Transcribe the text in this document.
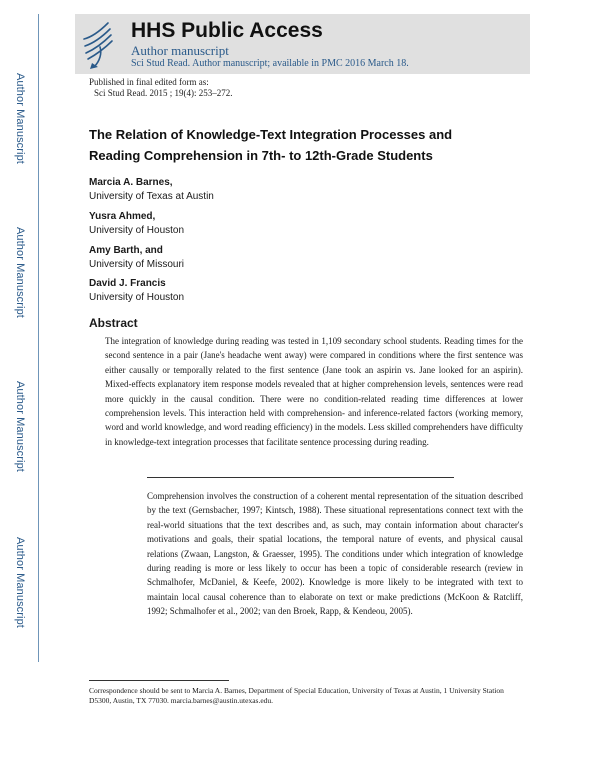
Author Manuscript
Author Manuscript
Author Manuscript
Author Manuscript
HHS Public Access
Author manuscript
Sci Stud Read. Author manuscript; available in PMC 2016 March 18.
Published in final edited form as:
Sci Stud Read. 2015 ; 19(4): 253–272.
The Relation of Knowledge-Text Integration Processes and Reading Comprehension in 7th- to 12th-Grade Students
Marcia A. Barnes,
University of Texas at Austin
Yusra Ahmed,
University of Houston
Amy Barth, and
University of Missouri
David J. Francis
University of Houston
Abstract

The integration of knowledge during reading was tested in 1,109 secondary school students. Reading times for the second sentence in a pair (Jane's headache went away) were compared in conditions where the first sentence was either causally or temporally related to the first sentence (Jane took an aspirin vs. Jane looked for an aspirin). Mixed-effects explanatory item response models revealed that at higher comprehension levels, sentences were read more quickly in the causal condition. There were no condition-related reading time differences at lower comprehension levels. This interaction held with comprehension- and inference-related factors (working memory, word and world knowledge, and word reading efficiency) in the models. Less skilled comprehenders have difficulty in knowledge-text integration processes that facilitate sentence processing during reading.

Comprehension involves the construction of a coherent mental representation of the situation described by the text (Gernsbacher, 1997; Kintsch, 1988). These situational representations connect text with the real-world situations that the text describes and, as such, may contain information about character's motivations and goals, their spatial locations, the temporal nature of events, and physical causal relations (Zwaan, Langston, & Graesser, 1995). The conditions under which integration of knowledge during reading is more or less likely to occur has been a topic of considerable research (review in Schmalhofer, McDaniel, & Keefe, 2002). Knowledge is more likely to be integrated with text to maintain local causal coherence than to elaborate on text or make predictions (McKoon & Ratcliff, 1992; Schmalhofer et al., 2002; van den Broek, Rapp, & Kendeou, 2005).

Correspondence should be sent to Marcia A. Barnes, Department of Special Education, University of Texas at Austin, 1 University Station D5300, Austin, TX 77030. marcia.barnes@austin.utexas.edu.
